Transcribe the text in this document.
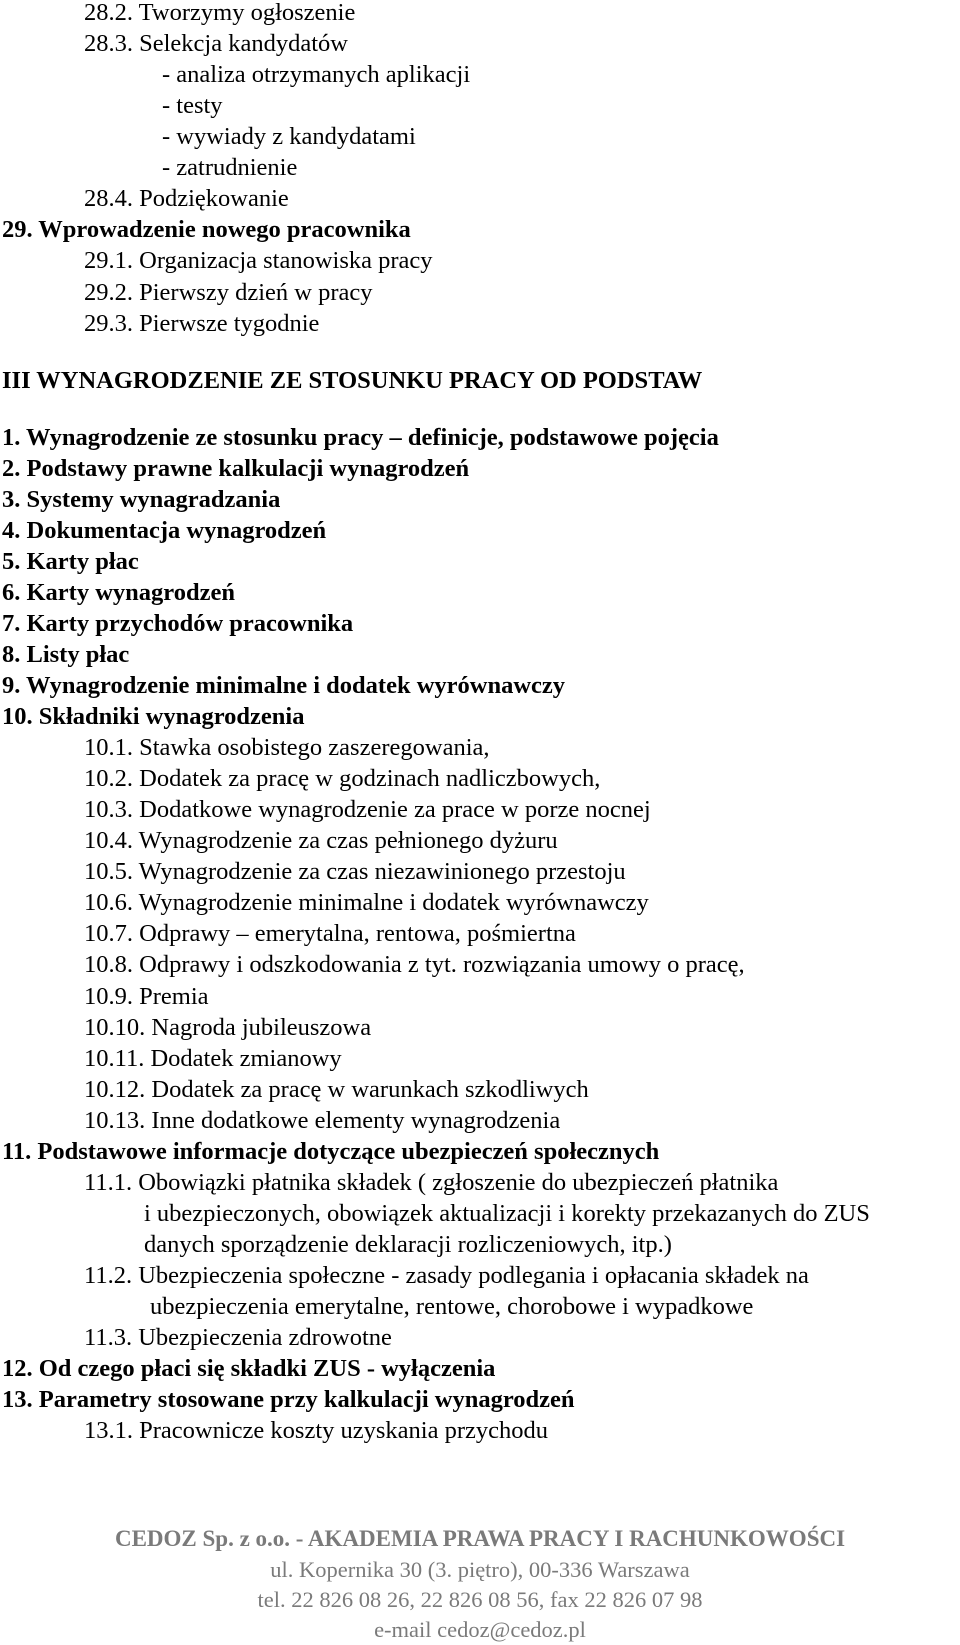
28.2. Tworzymy ogłoszenie
28.3. Selekcja kandydatów
- analiza otrzymanych aplikacji
- testy
- wywiady z kandydatami
- zatrudnienie
28.4. Podziękowanie
29. Wprowadzenie nowego pracownika
29.1. Organizacja stanowiska pracy
29.2. Pierwszy dzień w pracy
29.3. Pierwsze tygodnie
III WYNAGRODZENIE ZE STOSUNKU PRACY OD PODSTAW
1. Wynagrodzenie ze stosunku pracy – definicje, podstawowe pojęcia
2. Podstawy prawne kalkulacji wynagrodzeń
3. Systemy wynagradzania
4. Dokumentacja wynagrodzeń
5. Karty płac
6. Karty wynagrodzeń
7. Karty przychodów pracownika
8. Listy płac
9. Wynagrodzenie minimalne i dodatek wyrównawczy
10. Składniki wynagrodzenia
10.1. Stawka osobistego zaszeregowania,
10.2. Dodatek za pracę w godzinach nadliczbowych,
10.3. Dodatkowe wynagrodzenie za prace w porze nocnej
10.4. Wynagrodzenie za czas pełnionego dyżuru
10.5. Wynagrodzenie za czas niezawinionego przestoju
10.6. Wynagrodzenie minimalne i dodatek wyrównawczy
10.7. Odprawy – emerytalna, rentowa, pośmiertna
10.8. Odprawy i odszkodowania z tyt. rozwiązania umowy o pracę,
10.9. Premia
10.10. Nagroda jubileuszowa
10.11. Dodatek zmianowy
10.12. Dodatek za pracę w warunkach szkodliwych
10.13. Inne dodatkowe elementy wynagrodzenia
11. Podstawowe informacje dotyczące ubezpieczeń społecznych
11.1. Obowiązki płatnika składek ( zgłoszenie do ubezpieczeń płatnika
i ubezpieczonych, obowiązek aktualizacji i korekty przekazanych do ZUS
danych sporządzenie deklaracji rozliczeniowych, itp.)
11.2. Ubezpieczenia społeczne - zasady podlegania i opłacania składek na
ubezpieczenia emerytalne, rentowe, chorobowe i wypadkowe
11.3. Ubezpieczenia zdrowotne
12. Od czego płaci się składki ZUS - wyłączenia
13. Parametry stosowane przy kalkulacji wynagrodzeń
13.1. Pracownicze koszty uzyskania przychodu
CEDOZ Sp. z o.o. - AKADEMIA PRAWA PRACY I RACHUNKOWOŚCI
ul. Kopernika 30 (3. piętro), 00-336 Warszawa
tel. 22 826 08 26, 22 826 08 56, fax 22 826 07 98
e-mail cedoz@cedoz.pl
